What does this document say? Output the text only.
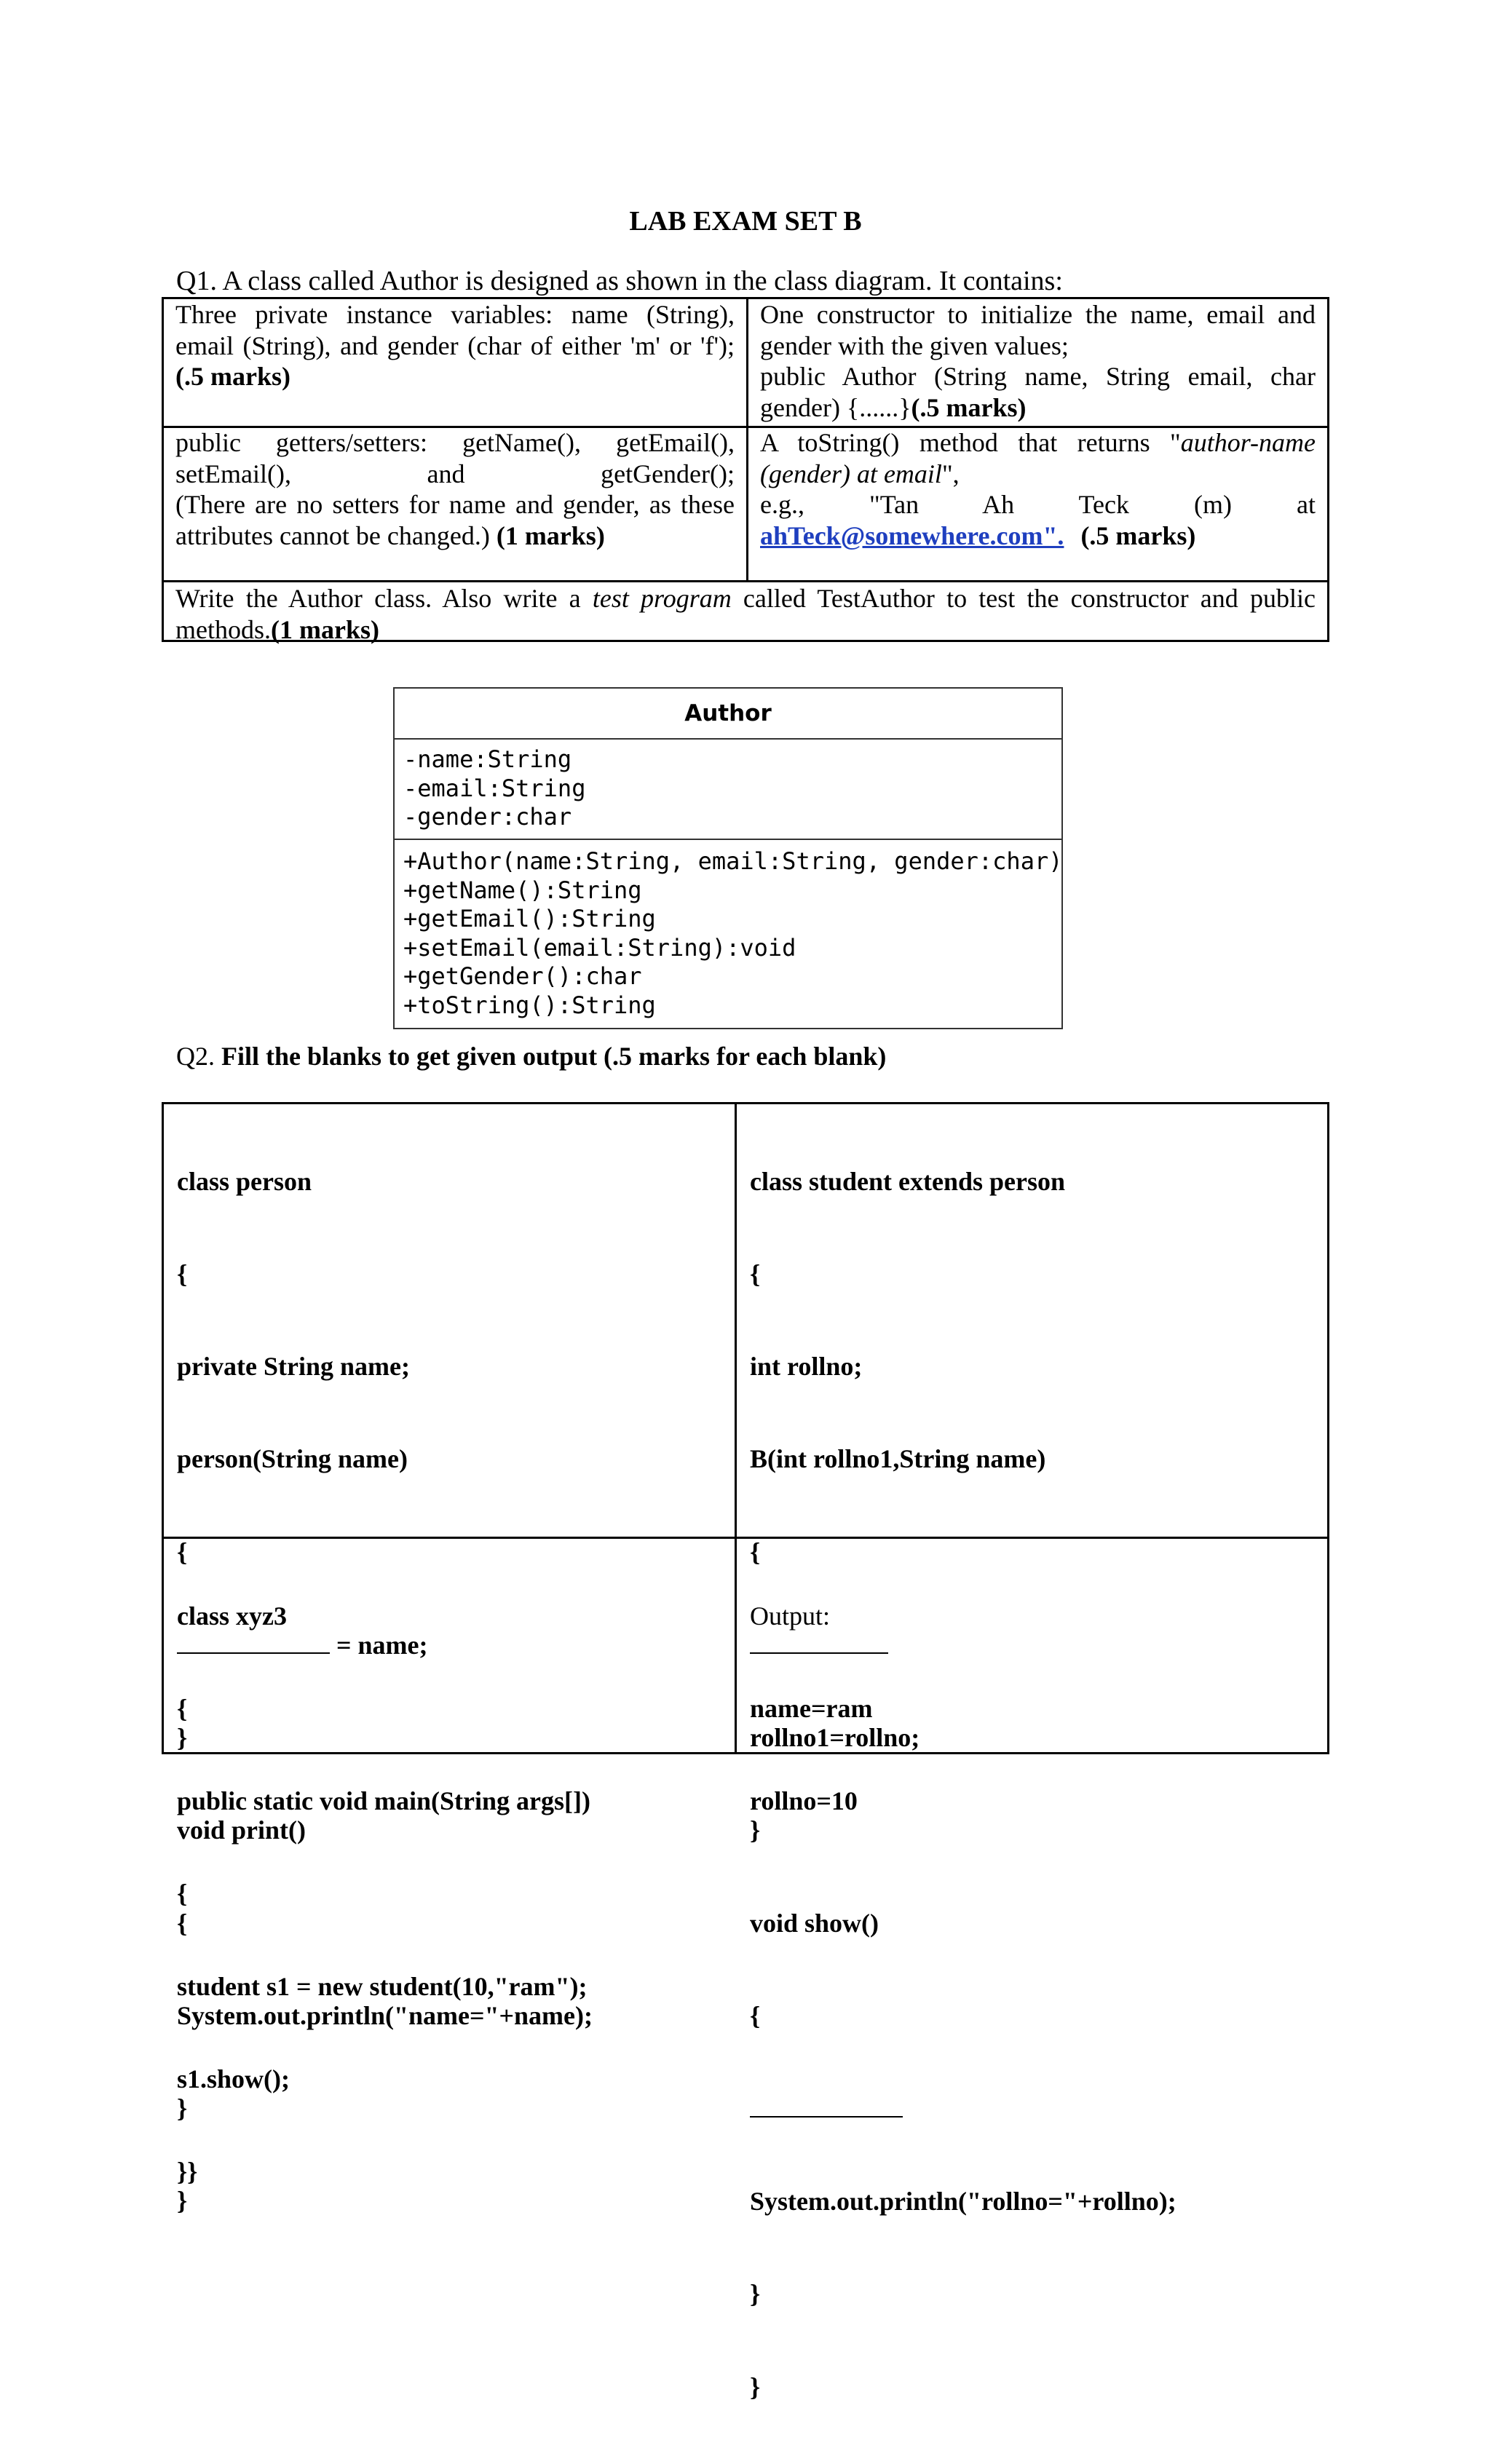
LAB EXAM SET B
Q1. A class called Author is designed as shown in the class diagram. It contains:
Three private instance variables: name (String),
email (String), and gender (char of either 'm' or 'f');
(.5 marks)
One constructor to initialize the name, email and
gender with the given values;
public Author (String name, String email, char
gender) {......}(.5 marks)
public getters/setters: getName(), getEmail(),
setEmail(),	and	getGender();
(There are no setters for name and gender, as these
attributes cannot be changed.) (1 marks)
A toString() method that returns "author-name
(gender) at email",
e.g., "Tan Ah Teck (m) at
ahTeck@somewhere.com". (.5 marks)
Write the Author class. Also write a test program called TestAuthor to test the constructor and public
methods.(1 marks)
Author
-name:String
-email:String
-gender:char
+Author(name:String, email:String, gender:char)
+getName():String
+getEmail():String
+setEmail(email:String):void
+getGender():char
+toString():String
Q2. Fill the blanks to get given output (.5 marks for each blank)

class person

{

private String name;

person(String name)

{

= name;

}

void print()

{

System.out.println("name="+name);

}

}

class student extends person

{

int rollno;

B(int rollno1,String name)

{

rollno1=rollno;

}

void show()

{

System.out.println("rollno="+rollno);

}

}

class xyz3

{

public static void main(String args[])

{

student s1 = new student(10,"ram");

s1.show();

}}

Output:

name=ram

rollno=10
